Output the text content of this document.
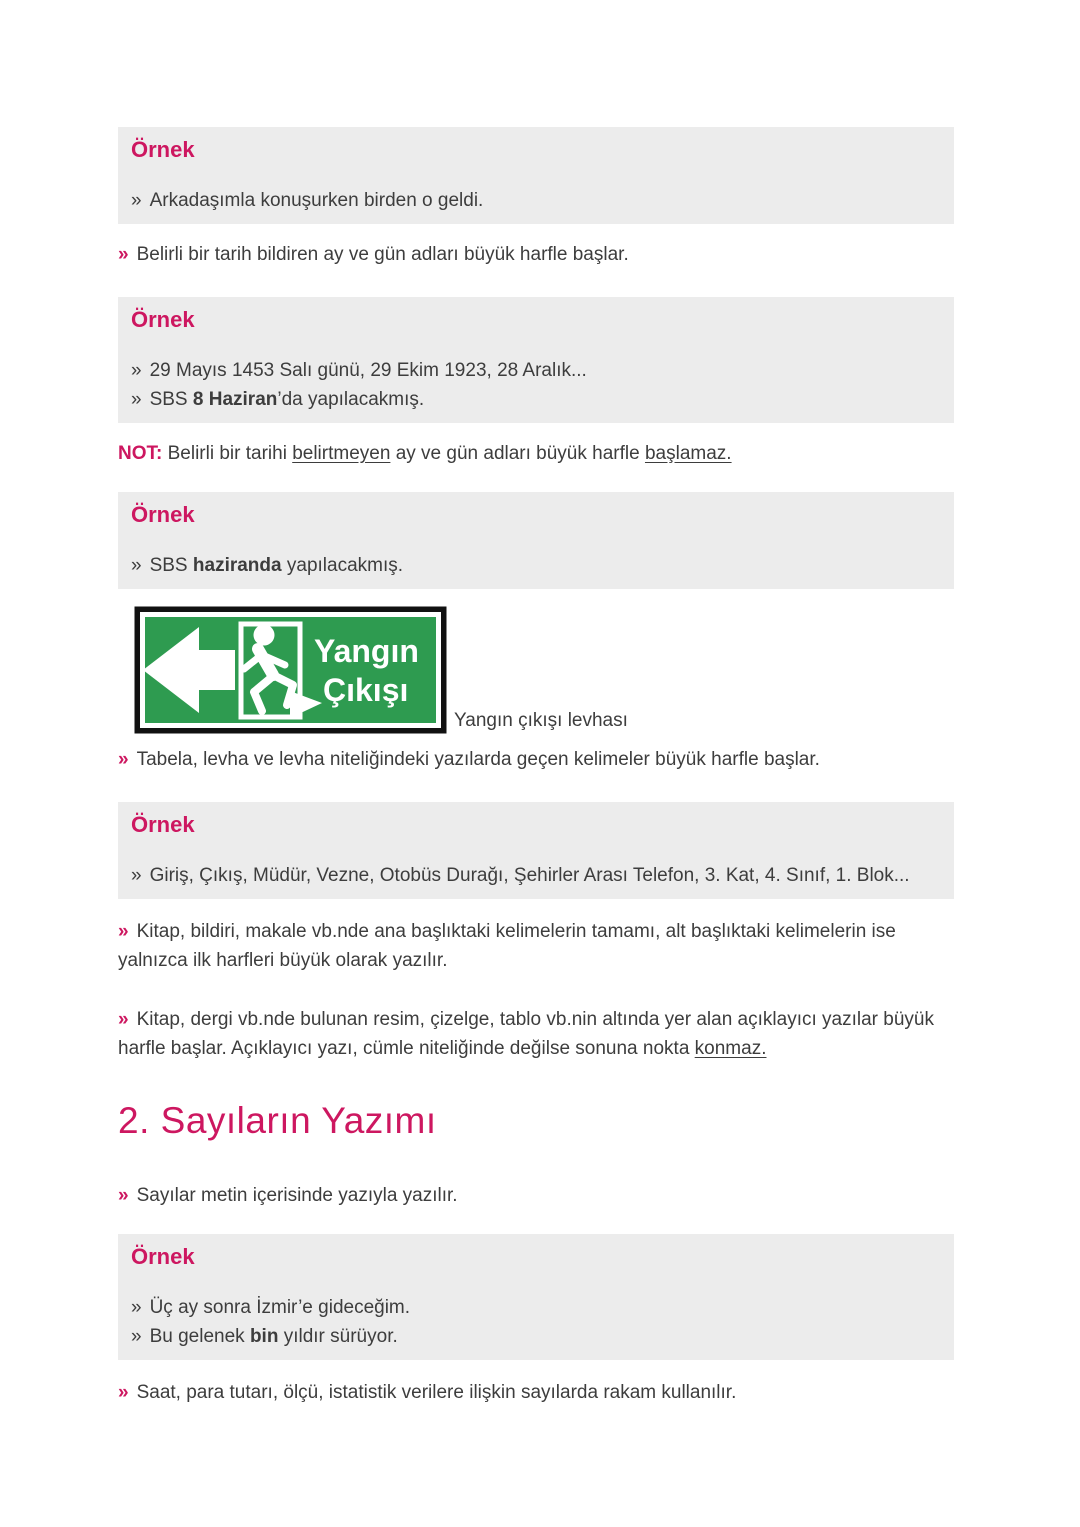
Örnek

» Arkadaşımla konuşurken birden o geldi.

» Belirli bir tarih bildiren ay ve gün adları büyük harfle başlar.

Örnek

» 29 Mayıs 1453 Salı günü, 29 Ekim 1923, 28 Aralık...

» SBS 8 Haziran’da yapılacakmış.

NOT: Belirli bir tarihi belirtmeyen ay ve gün adları büyük harfle başlamaz.

Örnek

» SBS haziranda yapılacakmış.

Yangın
Çıkışı
Yangın çıkışı levhası

» Tabela, levha ve levha niteliğindeki yazılarda geçen kelimeler büyük harfle başlar.

Örnek

» Giriş, Çıkış, Müdür, Vezne, Otobüs Durağı, Şehirler Arası Telefon, 3. Kat, 4. Sınıf, 1. Blok...

» Kitap, bildiri, makale vb.nde ana başlıktaki kelimelerin tamamı, alt başlıktaki kelimelerin ise yalnızca ilk harfleri büyük olarak yazılır.

» Kitap, dergi vb.nde bulunan resim, çizelge, tablo vb.nin altında yer alan açıklayıcı yazılar büyük harfle başlar. Açıklayıcı yazı, cümle niteliğinde değilse sonuna nokta konmaz.

2. Sayıların Yazımı

» Sayılar metin içerisinde yazıyla yazılır.

Örnek

» Üç ay sonra İzmir’e gideceğim.

» Bu gelenek bin yıldır sürüyor.

» Saat, para tutarı, ölçü, istatistik verilere ilişkin sayılarda rakam kullanılır.
